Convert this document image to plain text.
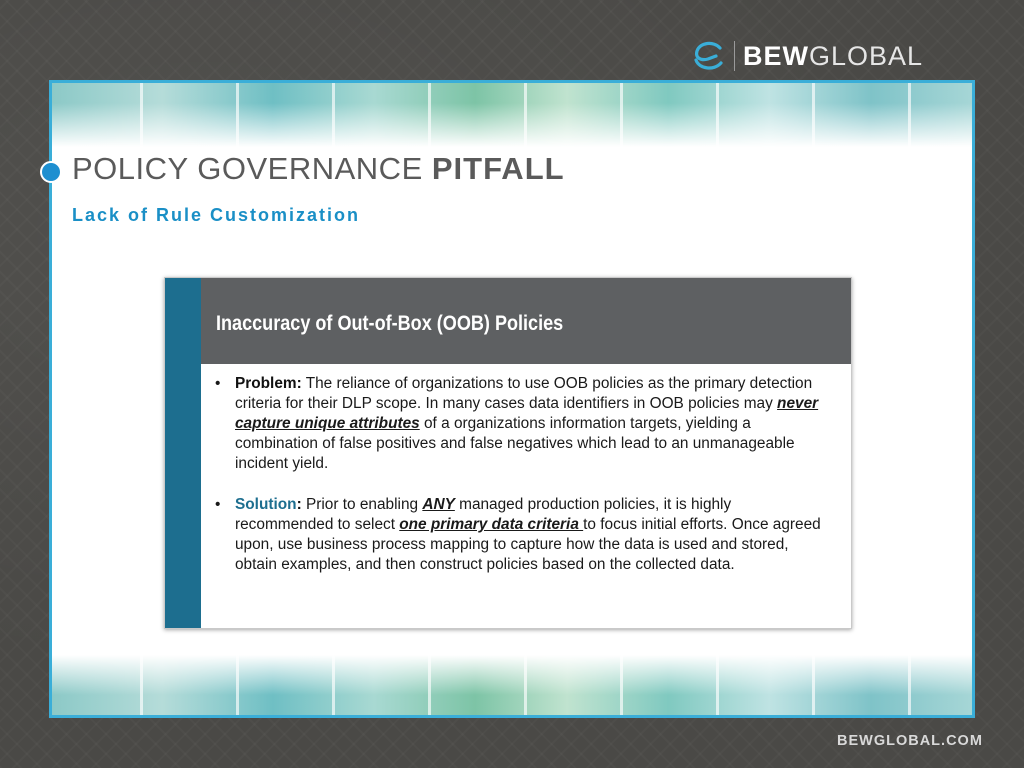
BEWGLOBAL
POLICY GOVERNANCE PITFALL
Lack of Rule Customization
Inaccuracy of Out-of-Box (OOB) Policies
• Problem: The reliance of organizations to use OOB policies as the primary detection criteria for their DLP scope. In many cases data identifiers in OOB policies may never capture unique attributes of a organizations information targets, yielding a combination of false positives and false negatives which lead to an unmanageable incident yield.
• Solution: Prior to enabling ANY managed production policies, it is highly recommended to select one primary data criteria to focus initial efforts. Once agreed upon, use business process mapping to capture how the data is used and stored, obtain examples, and then construct policies based on the collected data.
BEWGLOBAL.COM
